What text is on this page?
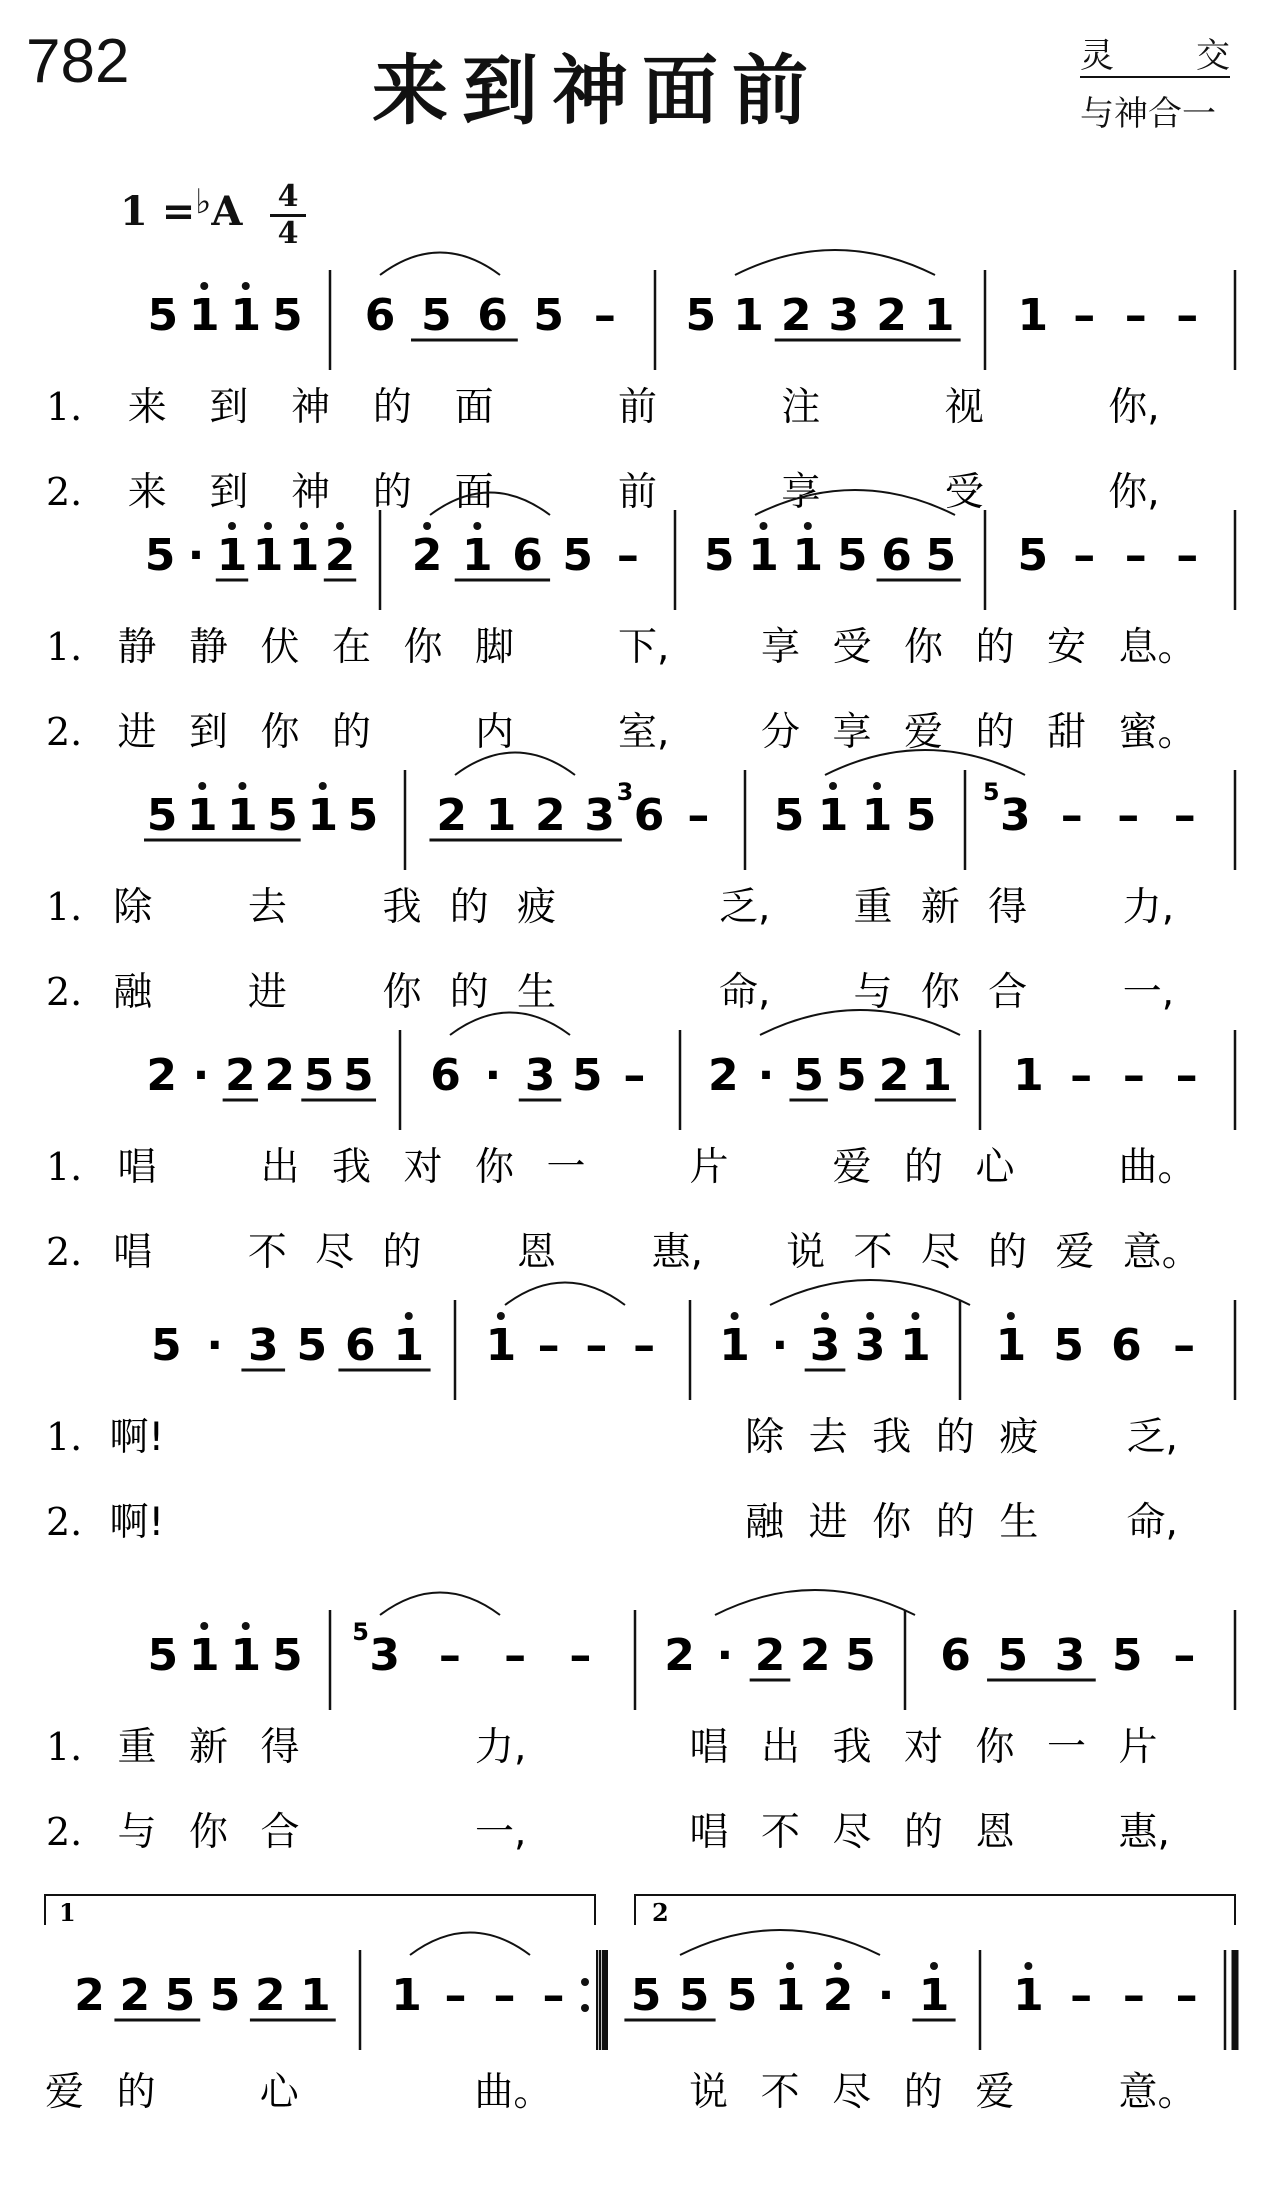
782	来到神面前	灵交
与神合一
1 =♭A 4
4
5 1 1 5 6 5 6 5 – 5 1 2 3 2 1 1 – – –
1. 来 到 神 的 面	前	注	视	你,
2. 来 到 神 的 面	前	享	受	你,
5 · 1 1 1 2 2 1 6 5 – 5 1 1 5 6 5 5 – – –
1. 静 静 伏 在 你 脚	下, 享 受 你 的 安 息。
2. 进 到 你 的	内	室, 分 享 爱 的 甜 蜜。
5 1 1 5 1 5 2 1 2 3 6
3 – 5 1 1 5 3
5 – – –
1. 除 去 我 的 疲	乏, 重 新 得 力,
2. 融 进 你 的 生	命, 与 你 合 一,
2 · 2 2 5 5 6 · 3 5 – 2 · 5 5 2 1 1 – – –
1. 唱	出 我 对 你 一	片	爱 的 心	曲。
2. 唱 不 尽 的 恩 惠, 说 不 尽 的 爱 意。
5 · 3 5 6 1 1 – – – 1 · 3 3 1 1 5 6 –
1. 啊!	除 去 我 的 疲 乏,
2. 啊!	融 进 你 的 生 命,
5 1 1 5 3
5 – – – 2 · 2 2 5 6 5 3 5 –
1. 重 新 得	力,	唱 出 我 对 你 一 片
2. 与 你 合	一,	唱 不 尽 的 恩	惠,
2 2 5 5 2 1 1 – – – 5 5 5 1 2 · 1 1 – – –
1	2
爱 的	心	曲。	说 不 尽 的 爱	意。
